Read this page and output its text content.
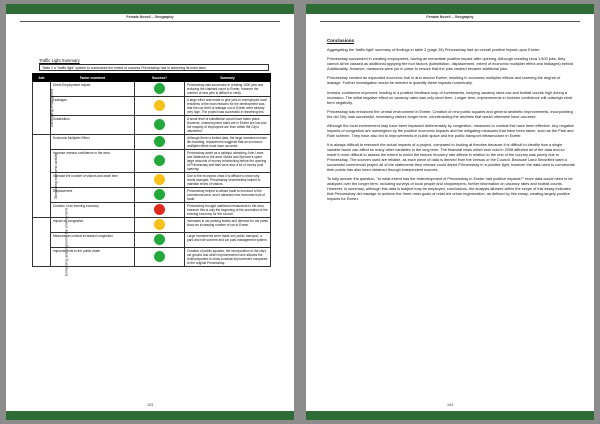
Female Novell – Geography
Traffic Light Summary
Table 2 a "traffic light" system to summarise the extent of success Princesshay had in achieving its main aims
Aim	Factor examined	Success?	Summary
Generating employment	Direct Employment Impact		Princesshay was successful in creating 1500 jobs and reducing the claimant count in Exeter, however the number of new jobs is difficult to verify.
	Leakages		A large effort was made to give jobs to unemployed local residents of the main reasons for the development was that the low level of leakage out of Exeter were already very high. The project was successful in lessening this.
	Substitution		A small level of substitution would have taken place. However, unemployment rates are in Exeter are low and the majority of employees are from within the City's catchment.
Stimulating economic activity	Economic Multiplier Effect		Although there is limited data, the large investment when life-boosting, replacement suggests that an economic multiplier effect must have occurred.
	Increase investor confidence in the area		Princesshay acted as a catalyst, attracting John Lewis and Waitrose to the area. Marks and Spencer's spent large amounts of money refurbishing before the opening of Princesshay and flats were also a lot of money post opening.
	Increase the number of visitors and dwell time		Due to the economic crisis it is difficult to know why levels changed. Princesshay nevertheless helped to maintain levels of visitors.
	Displacement		Princesshay helped to attract trade to moveout of the commercial area, and it attracted new economic bulk of trade.
	Creation of an evening economy		Princesshay brought additional restaurants to the area, however this is only the beginning of the promotion of the evening economy for the council.
Enhancing and improving the environment	Impact on congestion		Increases in car parking tickets and demand for car parks show an increasing number of car in Exeter.
	Measures to combat increased congestion		Large investments were made into public transport, a park and ride scheme and car park management system.
	Improvements to the public realm		Creation of public squares, the incorporation of the city's old ground and wider improvements have allowed the redevelopment to show a radical improvement compared to the original Princesshay.
103
Female Novell – Geography
Conclusions

Aggregating the 'traffic light' summary of findings in table 2 (page 26) Princesshay had an overall positive impact upon Exeter.

Princesshay succeeded in creating employment, having an immediate positive impact after opening. Although creating circa 1,500 jobs, they cannot all be classed as additional applying the four factors (substitution, displacement, extent of economic multiplier effect and leakages) behind Additionality. However, measures were put in place to ensure that the jobs created became additional jobs.

Princesshay created an expanded economic hub in and around Exeter, resulting in economic multiplier effects and lowering the degree of leakage. Further investigation would be needed to quantify these impacts numerically.

Investor confidence improved, leading to a positive feedback loop of investments, keeping vacancy rates low and footfall counts high during a recession. The initial negative effect on vacancy rates was only short term. Longer term, improvements in investor confidence will outweigh short term negativity.

Princesshay has enhanced the central environment in Exeter. Creation of new public squares and general aesthetic improvements, incorporating the old City, was successful, increasing visitors longer term, counteracting the declines that would otherwise have occurred.

Although the local environment may have been impacted detrimentally by congestion, measures to combat this have been effective. Any negative impacts of congestion are outweighed by the positive economic impacts and the mitigating measures that have been taken, such as the Park and Ride scheme. They have also led to improvements in public space and the public transport infrastructure in Exeter.

It is always difficult to research the actual impacts of a project, compared to looking at theories because it is difficult to identify how a single variable factor can affect so many other variables in the long term. The financial crisis which took hold in 2008 affected all of the data and so made it more difficult to assess the extent to which the factors recovery rate affects in relation to the rest of the country was purely due to Princesshay. The sources used are reliable, as each piece of data is derived from the census or the Council. Because Land Securities want a successful commercial project all of the statements they release could depict Princesshay in a positive light, however the data used to corroborate their points has also been obtained through independent sources.

To fully answer the question, "to what extent has the redevelopment of Princesshay in Exeter had positive impacts?" more data would need to be analysed over the longer term, including surveys of local people and shopkeepers, further information on vacancy rates and footfall counts. However, in summary, although this data is subject may be employed, conclusions, the analysis allowed within the scope of this essay indicates that Princesshay did manage to achieve the three main goals of retail-led urban regeneration, as defined by this essay, creating largely positive impacts for Exeter.

104
